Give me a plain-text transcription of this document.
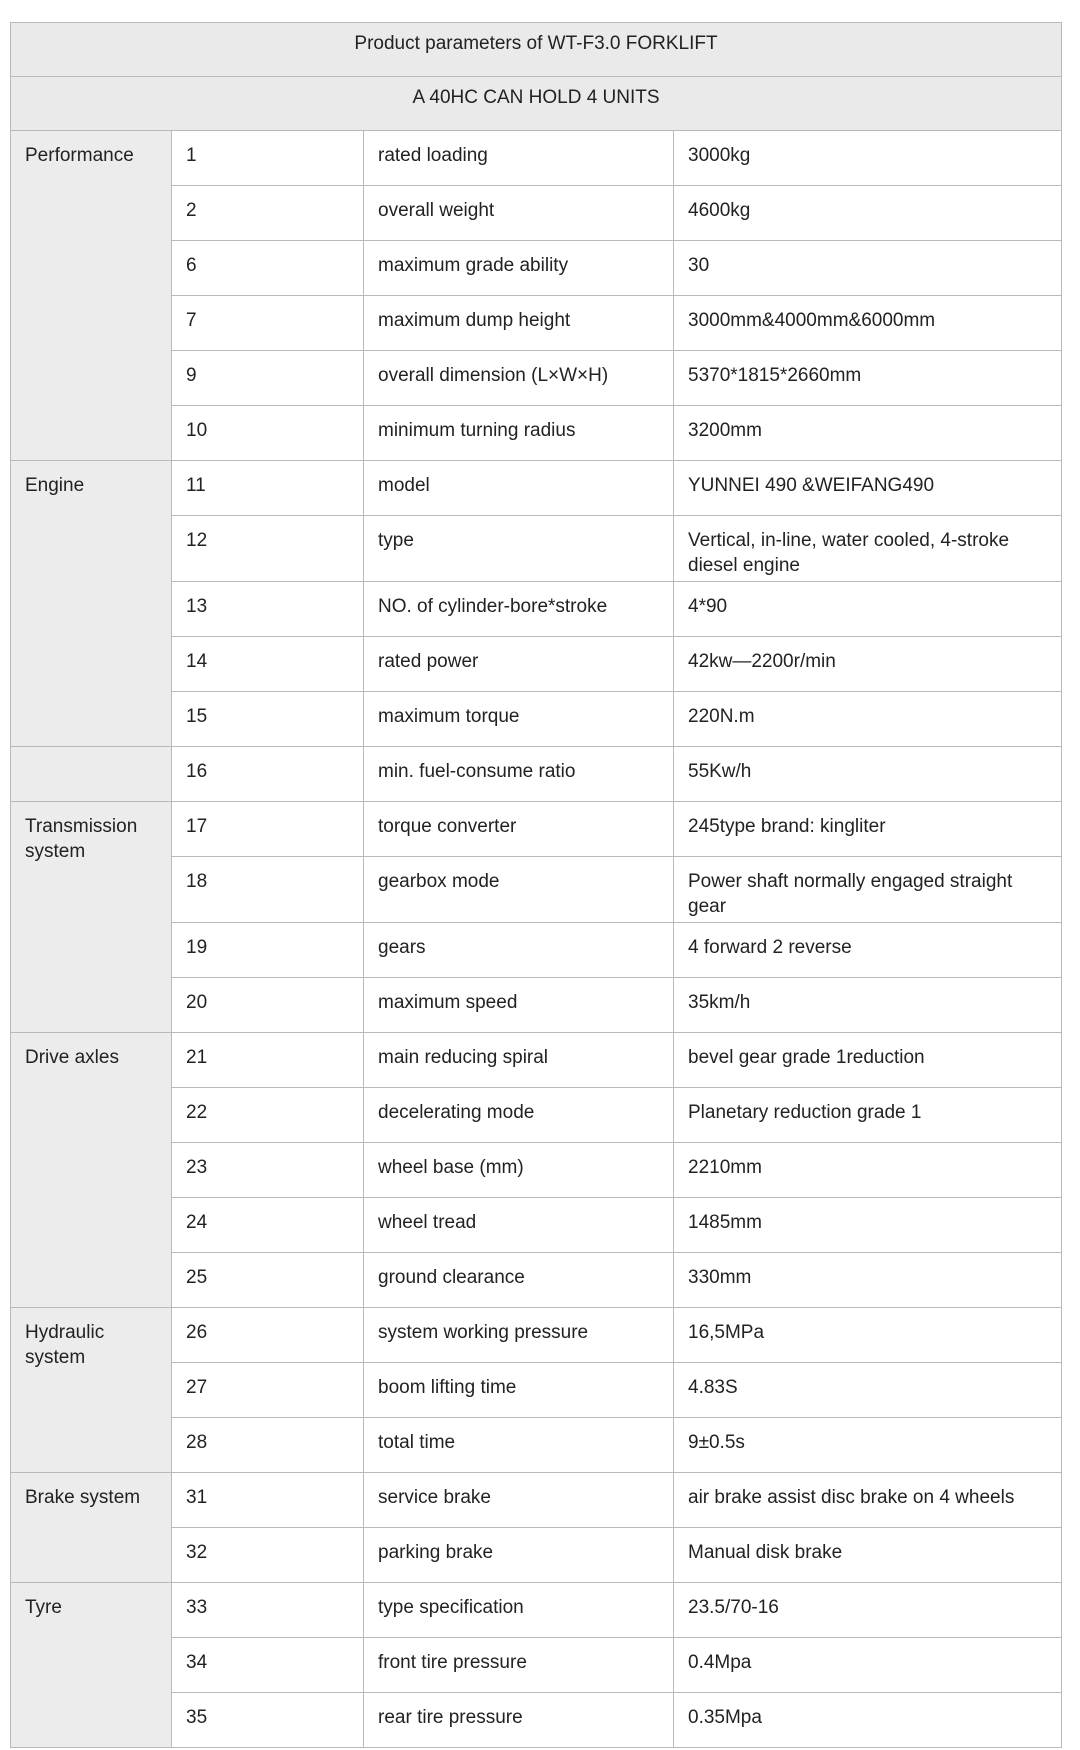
Product parameters of WT-F3.0 FORKLIFT			
A 40HC CAN HOLD 4 UNITS			
Performance	1	rated loading	3000kg
	2	overall weight	4600kg
	6	maximum grade ability	30
	7	maximum dump height	3000mm&4000mm&6000mm
	9	overall dimension (L×W×H)	5370*1815*2660mm
	10	minimum turning radius	3200mm
Engine	11	model	YUNNEI 490 &WEIFANG490
	12	type	Vertical, in-line, water cooled, 4-stroke diesel engine
	13	NO. of cylinder-bore*stroke	4*90
	14	rated power	42kw—2200r/min
	15	maximum torque	220N.m
	16	min. fuel-consume ratio	55Kw/h
Transmission system	17	torque converter	245type brand: kingliter
	18	gearbox mode	Power shaft normally engaged straight gear
	19	gears	4 forward 2 reverse
	20	maximum speed	35km/h
Drive axles	21	main reducing spiral	bevel gear grade 1reduction
	22	decelerating mode	Planetary reduction grade 1
	23	wheel base (mm)	2210mm
	24	wheel tread	1485mm
	25	ground clearance	330mm
Hydraulic system	26	system working pressure	16,5MPa
	27	boom lifting time	4.83S
	28	total time	9±0.5s
Brake system	31	service brake	air brake assist disc brake on 4 wheels
	32	parking brake	Manual disk brake
Tyre	33	type specification	23.5/70-16
	34	front tire pressure	0.4Mpa
	35	rear tire pressure	0.35Mpa
